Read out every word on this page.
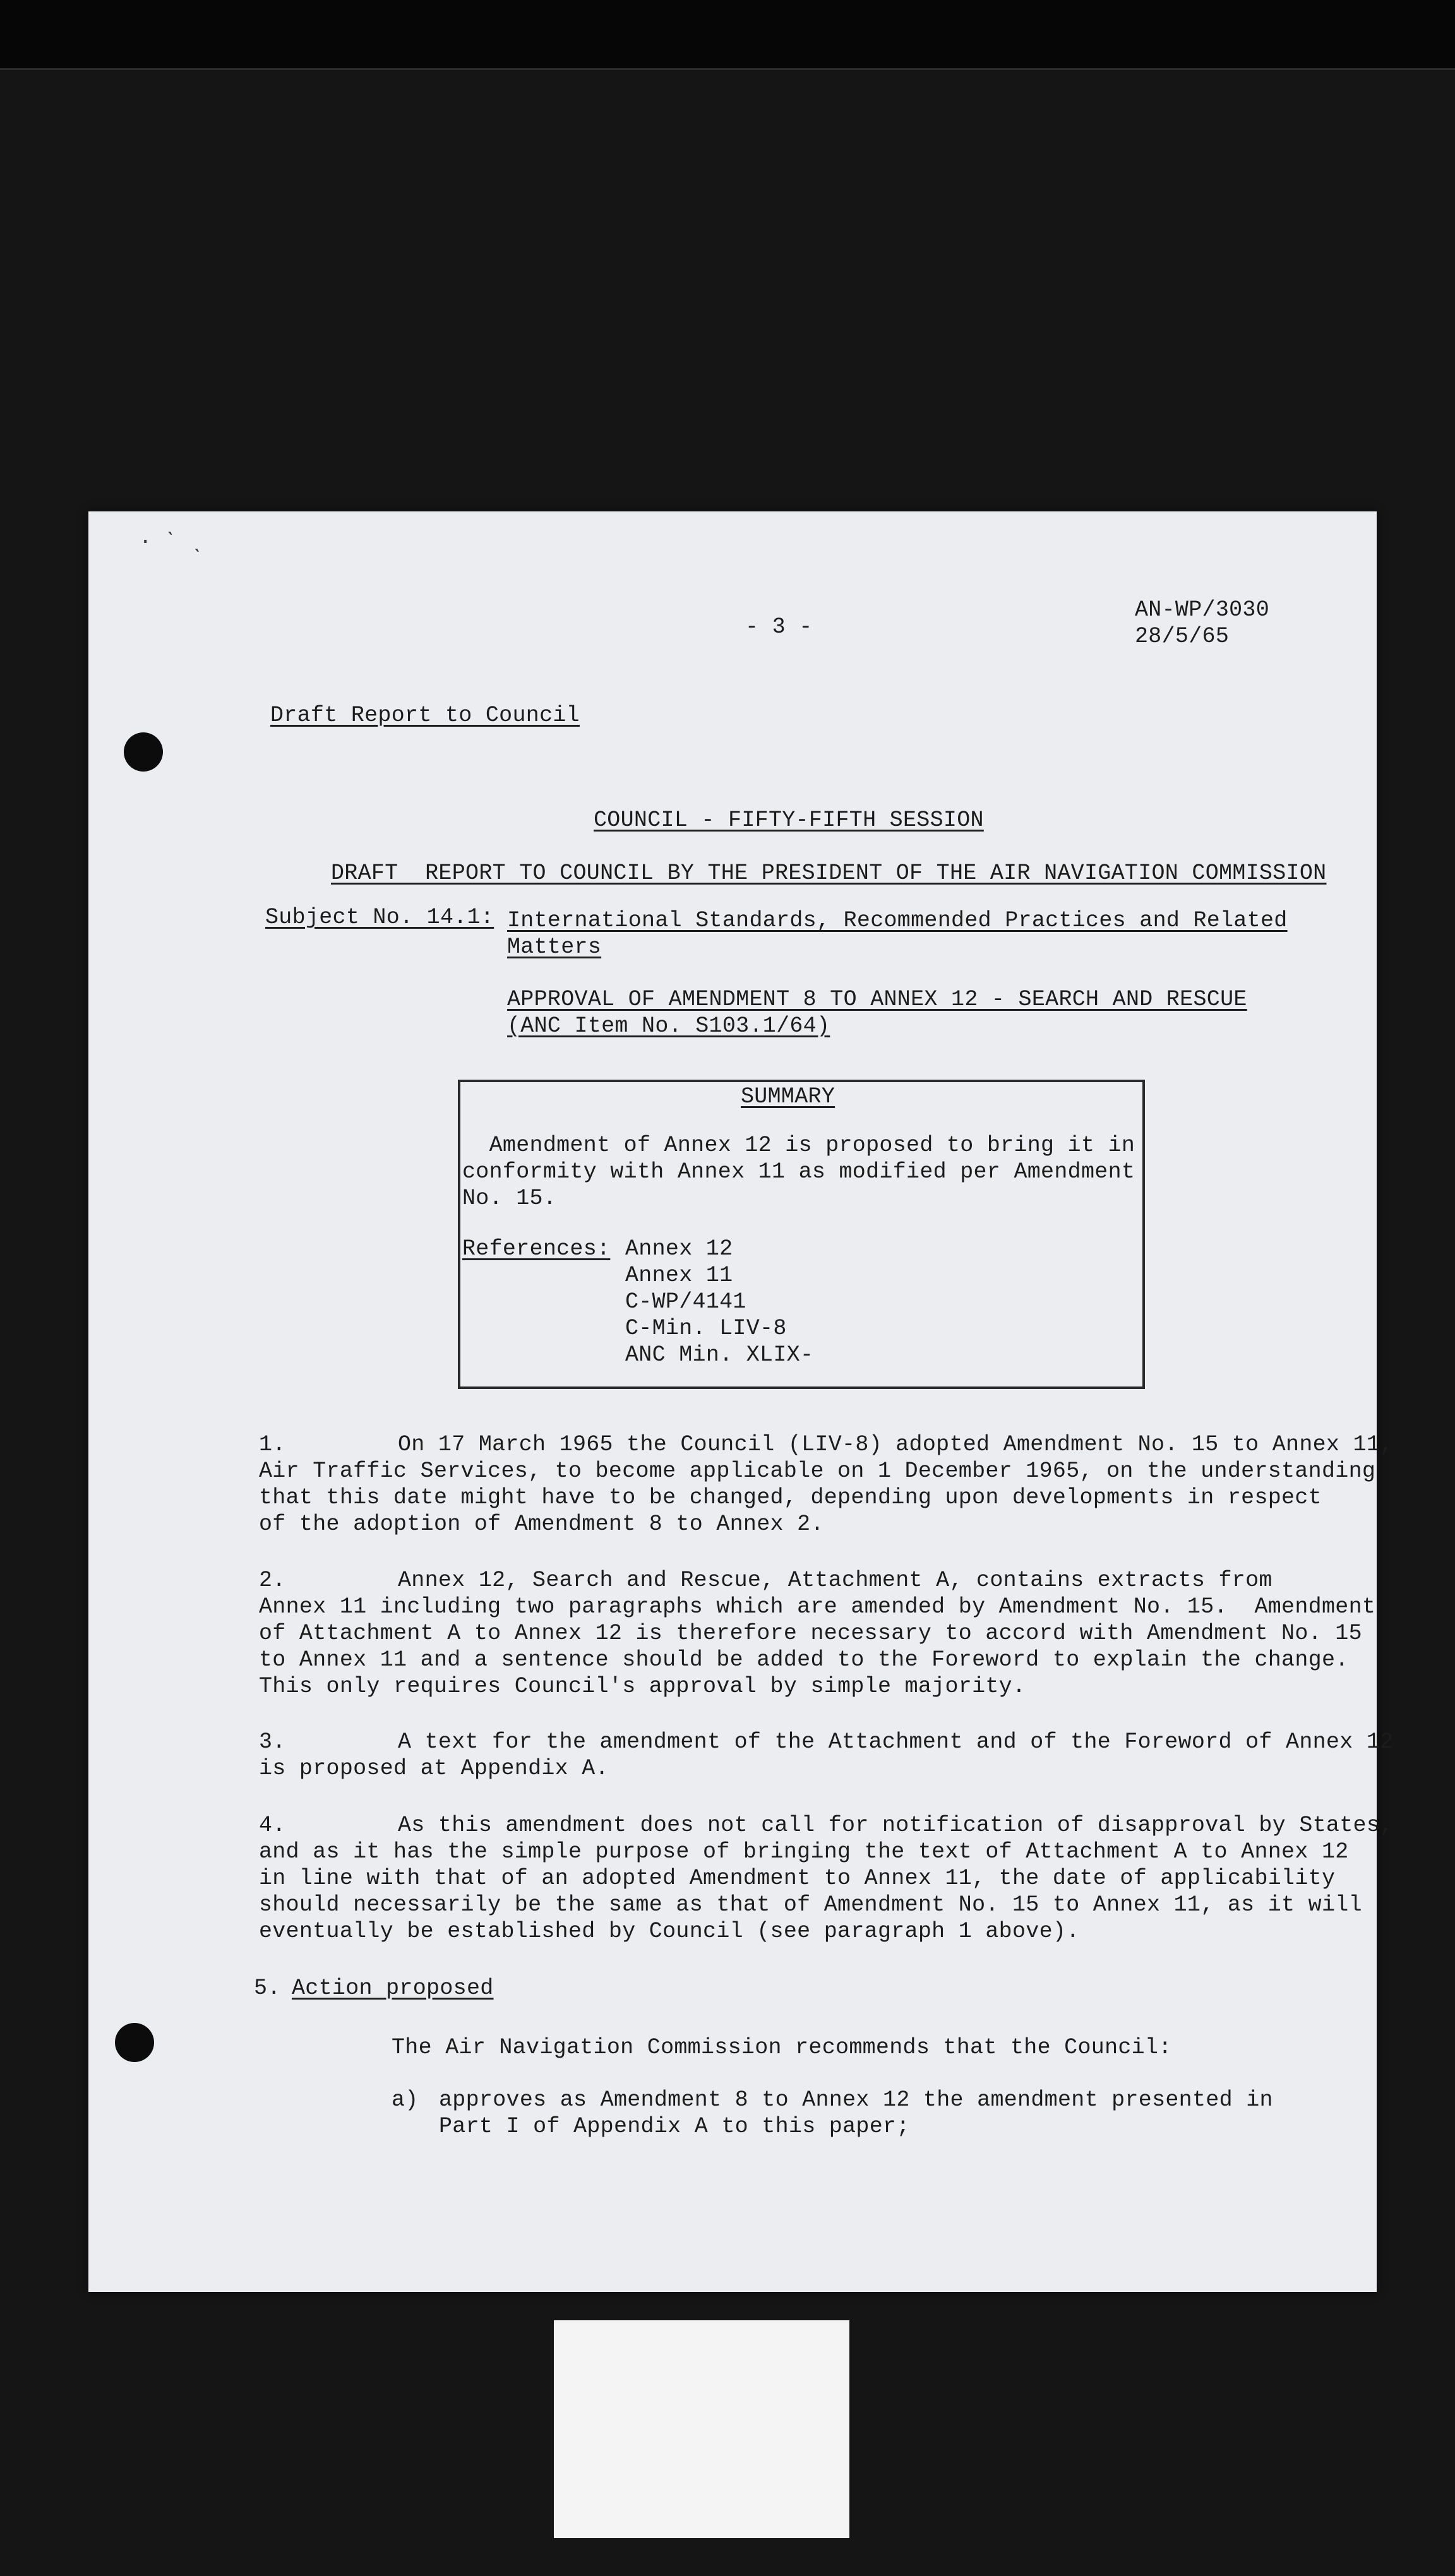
· ˋ ˎ
- 3 -
AN-WP/3030
28/5/65
Draft Report to Council
COUNCIL - FIFTY-FIFTH SESSION
DRAFT  REPORT TO COUNCIL BY THE PRESIDENT OF THE AIR NAVIGATION COMMISSION
Subject No. 14.1: International Standards, Recommended Practices and Related
Matters
APPROVAL OF AMENDMENT 8 TO ANNEX 12 - SEARCH AND RESCUE
(ANC Item No. S103.1/64)
SUMMARY
Amendment of Annex 12 is proposed to bring it in
conformity with Annex 11 as modified per Amendment
No. 15.
References: Annex 12
Annex 11
C-WP/4141
C-Min. LIV-8
ANC Min. XLIX-
1.	On 17 March 1965 the Council (LIV-8) adopted Amendment No. 15 to Annex 11,
Air Traffic Services, to become applicable on 1 December 1965, on the understanding
that this date might have to be changed, depending upon developments in respect
of the adoption of Amendment 8 to Annex 2.
2.	Annex 12, Search and Rescue, Attachment A, contains extracts from
Annex 11 including two paragraphs which are amended by Amendment No. 15.  Amendment
of Attachment A to Annex 12 is therefore necessary to accord with Amendment No. 15
to Annex 11 and a sentence should be added to the Foreword to explain the change.
This only requires Council's approval by simple majority.
3.	A text for the amendment of the Attachment and of the Foreword of Annex 12
is proposed at Appendix A.
4.	As this amendment does not call for notification of disapproval by States,
and as it has the simple purpose of bringing the text of Attachment A to Annex 12
in line with that of an adopted Amendment to Annex 11, the date of applicability
should necessarily be the same as that of Amendment No. 15 to Annex 11, as it will
eventually be established by Council (see paragraph 1 above).
5. Action proposed
The Air Navigation Commission recommends that the Council:
a) approves as Amendment 8 to Annex 12 the amendment presented in
Part I of Appendix A to this paper;
